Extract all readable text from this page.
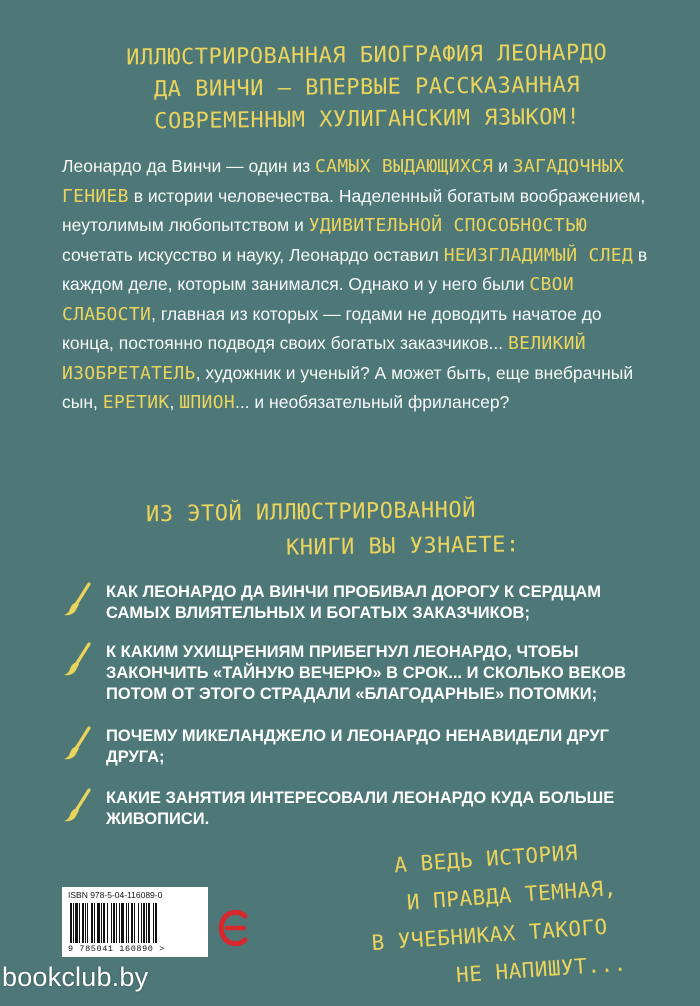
ИЛЛЮСТРИРОВАННАЯ БИОГРАФИЯ ЛЕОНАРДО
ДА ВИНЧИ — ВПЕРВЫЕ РАССКАЗАННАЯ
СОВРЕМЕННЫМ ХУЛИГАНСКИМ ЯЗЫКОМ!
Леонардо да Винчи — один из САМЫХ ВЫДАЮЩИХСЯ и ЗАГАДОЧНЫХ ГЕНИЕВ в истории человечества. Наделенный богатым воображением, неутолимым любопытством и УДИВИТЕЛЬНОЙ СПОСОБНОСТЬЮ сочетать искусство и науку, Леонардо оставил НЕИЗГЛАДИМЫЙ СЛЕД в каждом деле, которым занимался. Однако и у него были СВОИ СЛАБОСТИ, главная из которых — годами не доводить начатое до конца, постоянно подводя своих богатых заказчиков... ВЕЛИКИЙ ИЗОБРЕТАТЕЛЬ, художник и ученый? А может быть, еще внебрачный сын, ЕРЕТИК, ШПИОН... и необязательный фрилансер?
ИЗ ЭТОЙ ИЛЛЮСТРИРОВАННОЙ
КНИГИ ВЫ УЗНАЕТЕ:
КАК ЛЕОНАРДО ДА ВИНЧИ ПРОБИВАЛ ДОРОГУ К СЕРДЦАМ САМЫХ ВЛИЯТЕЛЬНЫХ И БОГАТЫХ ЗАКАЗЧИКОВ;
К КАКИМ УХИЩРЕНИЯМ ПРИБЕГНУЛ ЛЕОНАРДО, ЧТОБЫ ЗАКОНЧИТЬ «ТАЙНУЮ ВЕЧЕРЮ» В СРОК... И СКОЛЬКО ВЕКОВ ПОТОМ ОТ ЭТОГО СТРАДАЛИ «БЛАГОДАРНЫЕ» ПОТОМКИ;
ПОЧЕМУ МИКЕЛАНДЖЕЛО И ЛЕОНАРДО НЕНАВИДЕЛИ ДРУГ ДРУГА;
КАКИЕ ЗАНЯТИЯ ИНТЕРЕСОВАЛИ ЛЕОНАРДО КУДА БОЛЬШЕ ЖИВОПИСИ.
А ВЕДЬ ИСТОРИЯ
И ПРАВДА ТЕМНАЯ,
В УЧЕБНИКАХ ТАКОГО
НЕ НАПИШУТ...
ISBN 978-5-04-116089-0
9 785041 160890 >
bookclub.by
